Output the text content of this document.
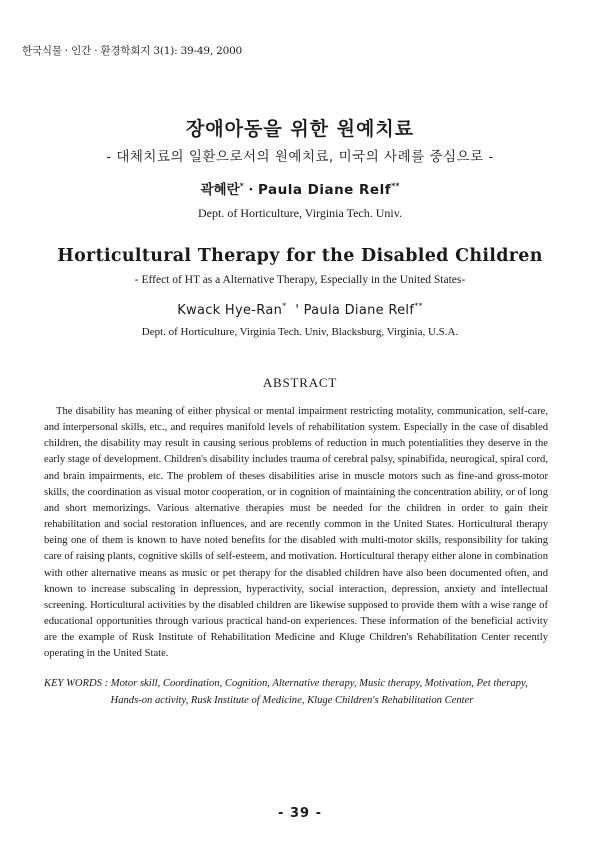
한국식물 · 인간 · 환경학회지 3(1): 39-49, 2000
장애아동을 위한 원예치료
- 대체치료의 일환으로서의 원예치료, 미국의 사례를 중심으로 -
곽혜란* · Paula Diane Relf**
Dept. of Horticulture, Virginia Tech. Univ.
Horticultural Therapy for the Disabled Children
- Effect of HT as a Alternative Therapy, Especially in the United States-
Kwack Hye-Ran*  ' Paula Diane Relf**
Dept. of Horticulture, Virginia Tech. Univ, Blacksburg, Virginia, U.S.A.
ABSTRACT

The disability has meaning of either physical or mental impairment restricting motality, communication, self-care, and interpersonal skills, etc., and requires manifold levels of rehabilitation system. Especially in the case of disabled children, the disability may result in causing serious problems of reduction in much potentialities they deserve in the early stage of development. Children's disability includes trauma of cerebral palsy, spinabifida, neurogical, spiral cord, and brain impairments, etc. The problem of theses disabilities arise in muscle motors such as fine-and gross-motor skills, the coordination as visual motor cooperation, or in cognition of maintaining the concentration ability, or of long and short memorizings. Various alternative therapies must be needed for the children in order to gain their rehabilitation and social restoration influences, and are recently common in the United States. Horticultural therapy being one of them is known to have noted benefits for the disabled with multi-motor skills, responsibility for taking care of raising plants, cognitive skills of self-esteem, and motivation. Horticultural therapy either alone in combination with other alternative means as music or pet therapy for the disabled children have also been documented often, and known to increase subscaling in depression, hyperactivity, social interaction, depression, anxiety and intellectual screening. Horticultural activities by the disabled children are likewise supposed to provide them with a wise range of educational opportunities through various practical hand-on experiences. These information of the beneficial activity are the example of Rusk Institute of Rehabilitation Medicine and Kluge Children's Rehabilitation Center recently operating in the United State.

KEY WORDS : Motor skill, Coordination, Cognition, Alternative therapy, Music therapy, Motivation, Pet therapy,
Hands-on activity, Rusk Institute of Medicine, Kluge Children's Rehabilitation Center
- 39 -
